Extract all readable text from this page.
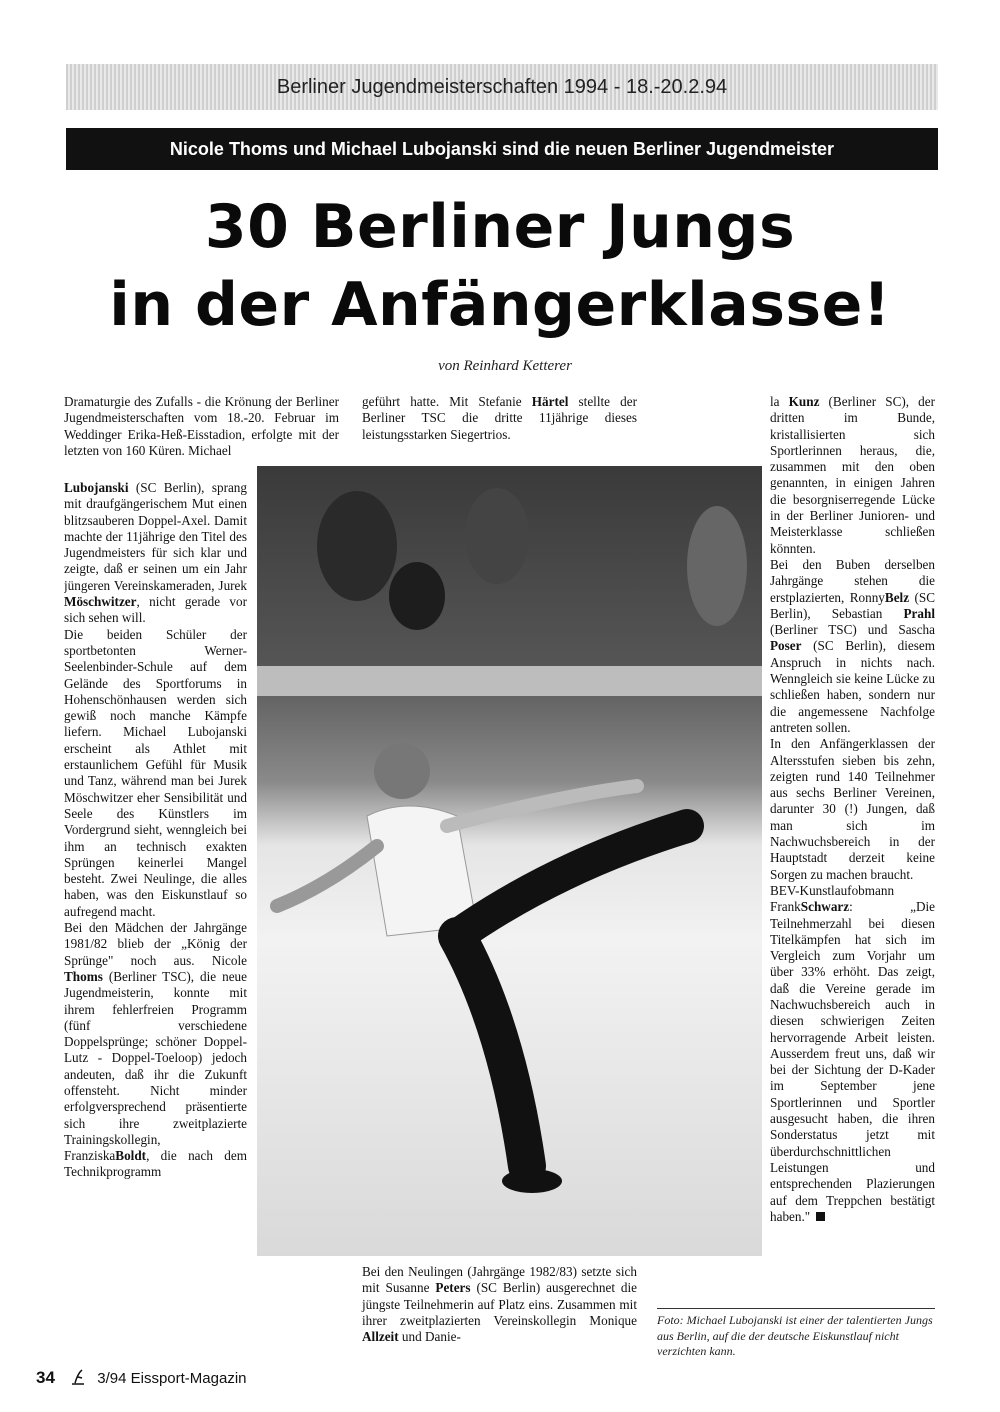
Berliner Jugendmeisterschaften 1994 - 18.-20.2.94
Nicole Thoms und Michael Lubojanski sind die neuen Berliner Jugendmeister
30 Berliner Jungs
in der Anfängerklasse!
von Reinhard Ketterer

Dramaturgie des Zufalls - die Krönung der Berliner Jugendmeisterschaften vom 18.-20. Februar im Weddinger Erika-Heß-Eisstadion, erfolgte mit der letzten von 160 Küren. Michael

Lubojanski (SC Berlin), sprang mit draufgängerischem Mut einen blitzsauberen Doppel-Axel. Damit machte der 11jährige den Titel des Jugendmeisters für sich klar und zeigte, daß er seinen um ein Jahr jüngeren Vereinskameraden, Jurek Möschwitzer, nicht gerade vor sich sehen will.

Die beiden Schüler der sportbetonten Werner-Seelenbinder-Schule auf dem Gelände des Sportforums in Hohenschönhausen werden sich gewiß noch manche Kämpfe liefern. Michael Lubojanski erscheint als Athlet mit erstaunlichem Gefühl für Musik und Tanz, während man bei Jurek Möschwitzer eher Sensibilität und Seele des Künstlers im Vordergrund sieht, wenngleich bei ihm an technisch exakten Sprüngen keinerlei Mangel besteht. Zwei Neulinge, die alles haben, was den Eiskunstlauf so aufregend macht.

Bei den Mädchen der Jahrgänge 1981/82 blieb der „König der Sprünge" noch aus. Nicole Thoms (Berliner TSC), die neue Jugendmeisterin, konnte mit ihrem fehlerfreien Programm (fünf verschiedene Doppelsprünge; schöner Doppel-Lutz - Doppel-Toeloop) jedoch andeuten, daß ihr die Zukunft offensteht. Nicht minder erfolgversprechend präsentierte sich ihre zweitplazierte Trainingskollegin, FranziskaBoldt, die nach dem Technikprogramm

geführt hatte. Mit Stefanie Härtel stellte der Berliner TSC die dritte 11jährige dieses leistungsstarken Siegertrios.

Bei den Neulingen (Jahrgänge 1982/83) setzte sich mit Susanne Peters (SC Berlin) ausgerechnet die jüngste Teilnehmerin auf Platz eins. Zusammen mit ihrer zweitplazierten Vereinskollegin Monique Allzeit und Danie-

la Kunz (Berliner SC), der dritten im Bunde, kristallisierten sich Sportlerinnen heraus, die, zusammen mit den oben genannten, in einigen Jahren die besorgniserregende Lücke in der Berliner Junioren- und Meisterklasse schließen könnten.

Bei den Buben derselben Jahrgänge stehen die erstplazierten, RonnyBelz (SC Berlin), Sebastian Prahl (Berliner TSC) und Sascha Poser (SC Berlin), diesem Anspruch in nichts nach. Wenngleich sie keine Lücke zu schließen haben, sondern nur die angemessene Nachfolge antreten sollen.

In den Anfängerklassen der Altersstufen sieben bis zehn, zeigten rund 140 Teilnehmer aus sechs Berliner Vereinen, darunter 30 (!) Jungen, daß man sich im Nachwuchsbereich in der Hauptstadt derzeit keine Sorgen zu machen braucht.

BEV-Kunstlaufobmann FrankSchwarz: „Die Teilnehmerzahl bei diesen Titelkämpfen hat sich im Vergleich zum Vorjahr um über 33% erhöht. Das zeigt, daß die Vereine gerade im Nachwuchsbereich auch in diesen schwierigen Zeiten hervorragende Arbeit leisten. Ausserdem freut uns, daß wir bei der Sichtung der D-Kader im September jene Sportlerinnen und Sportler ausgesucht haben, die ihren Sonderstatus jetzt mit überdurchschnittlichen Leistungen und entsprechenden Plazierungen auf dem Treppchen bestätigt haben."

Foto: Michael Lubojanski ist einer der talentierten Jungs aus Berlin, auf die der deutsche Eiskunstlauf nicht verzichten kann.
34	3/94 Eissport-Magazin
